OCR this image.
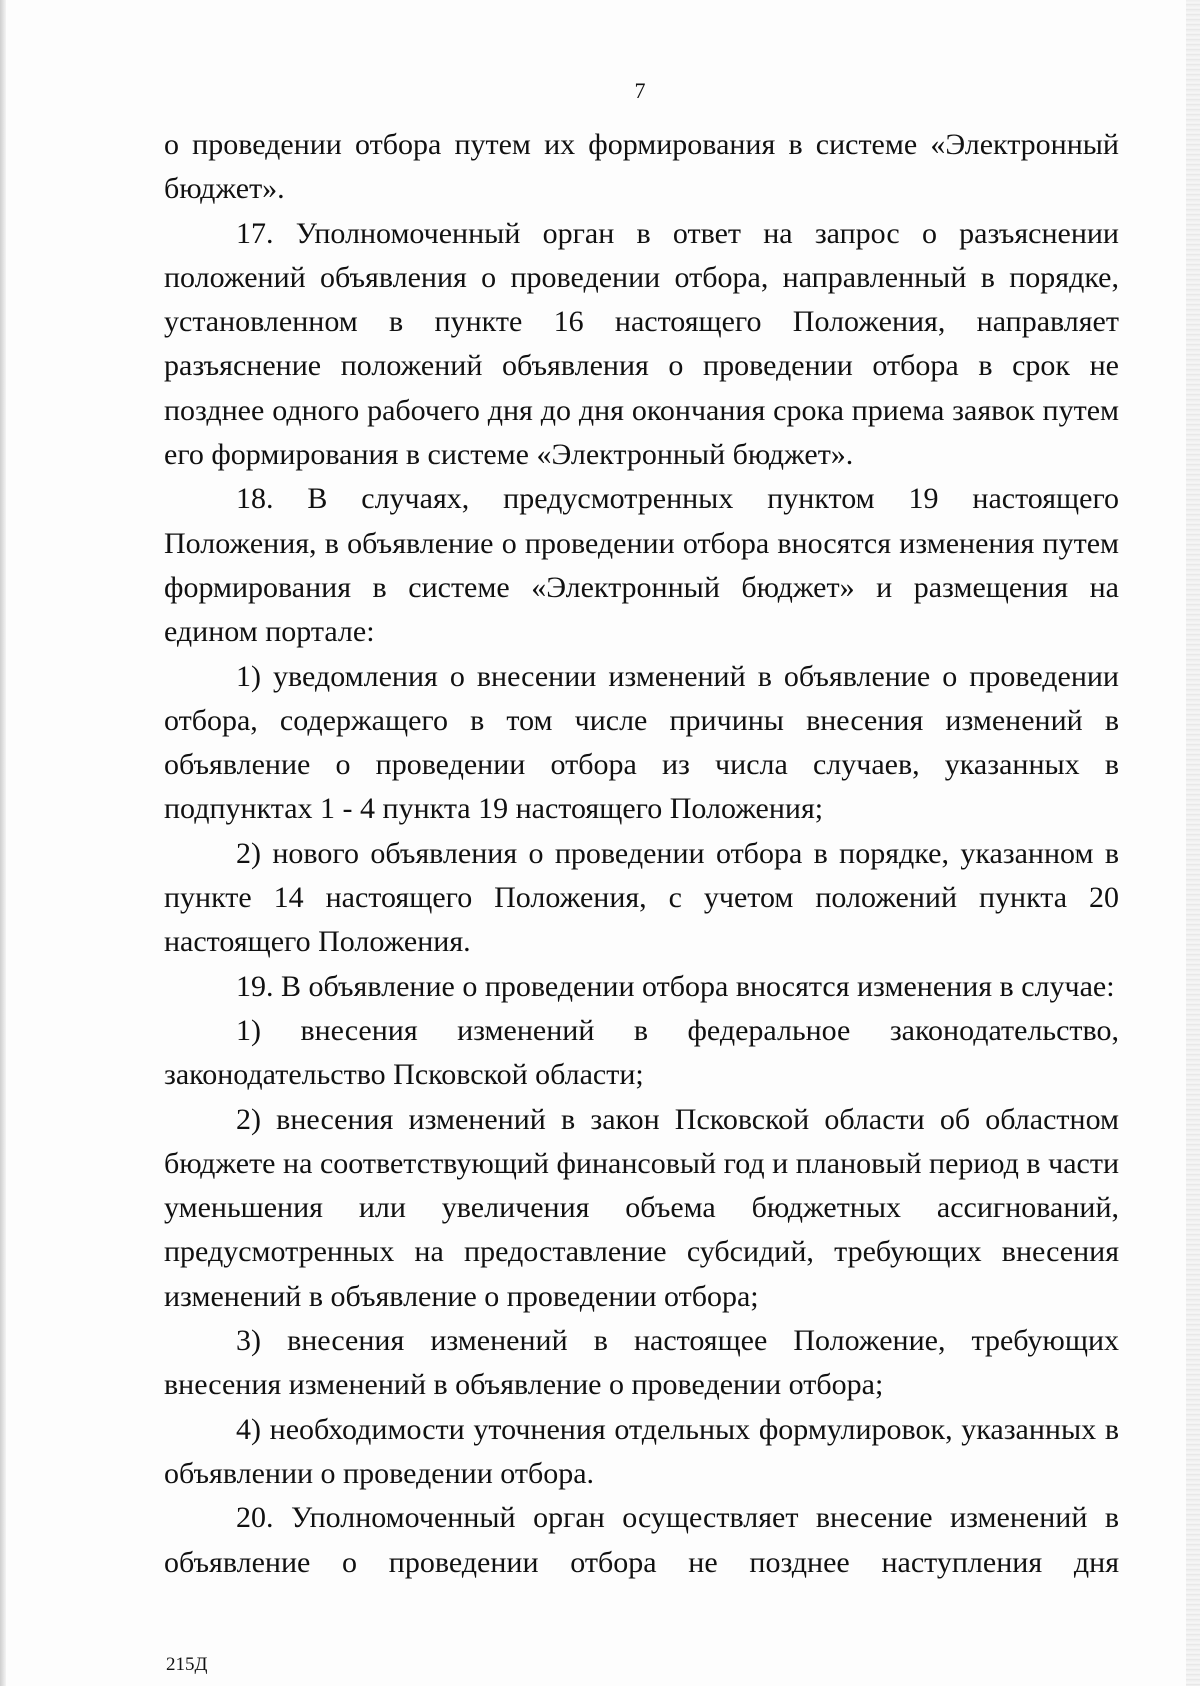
7

о проведении отбора путем их формирования в системе «Электронный бюджет».

17. Уполномоченный орган в ответ на запрос о разъяснении положений объявления о проведении отбора, направленный в порядке, установленном в пункте 16 настоящего Положения, направляет разъяснение положений объявления о проведении отбора в срок не позднее одного рабочего дня до дня окончания срока приема заявок путем его формирования в системе «Электронный бюджет».

18. В случаях, предусмотренных пунктом 19 настоящего Положения, в объявление о проведении отбора вносятся изменения путем формирования в системе «Электронный бюджет» и размещения на едином портале:

1) уведомления о внесении изменений в объявление о проведении отбора, содержащего в том числе причины внесения изменений в объявление о проведении отбора из числа случаев, указанных в подпунктах 1 - 4 пункта 19 настоящего Положения;

2) нового объявления о проведении отбора в порядке, указанном в пункте 14 настоящего Положения, с учетом положений пункта 20 настоящего Положения.

19. В объявление о проведении отбора вносятся изменения в случае:

1) внесения изменений в федеральное законодательство, законодательство Псковской области;

2) внесения изменений в закон Псковской области об областном бюджете на соответствующий финансовый год и плановый период в части уменьшения или увеличения объема бюджетных ассигнований, предусмотренных на предоставление субсидий, требующих внесения изменений в объявление о проведении отбора;

3) внесения изменений в настоящее Положение, требующих внесения изменений в объявление о проведении отбора;

4) необходимости уточнения отдельных формулировок, указанных в объявлении о проведении отбора.

20. Уполномоченный орган осуществляет внесение изменений в объявление о проведении отбора не позднее наступления дня

215Д
